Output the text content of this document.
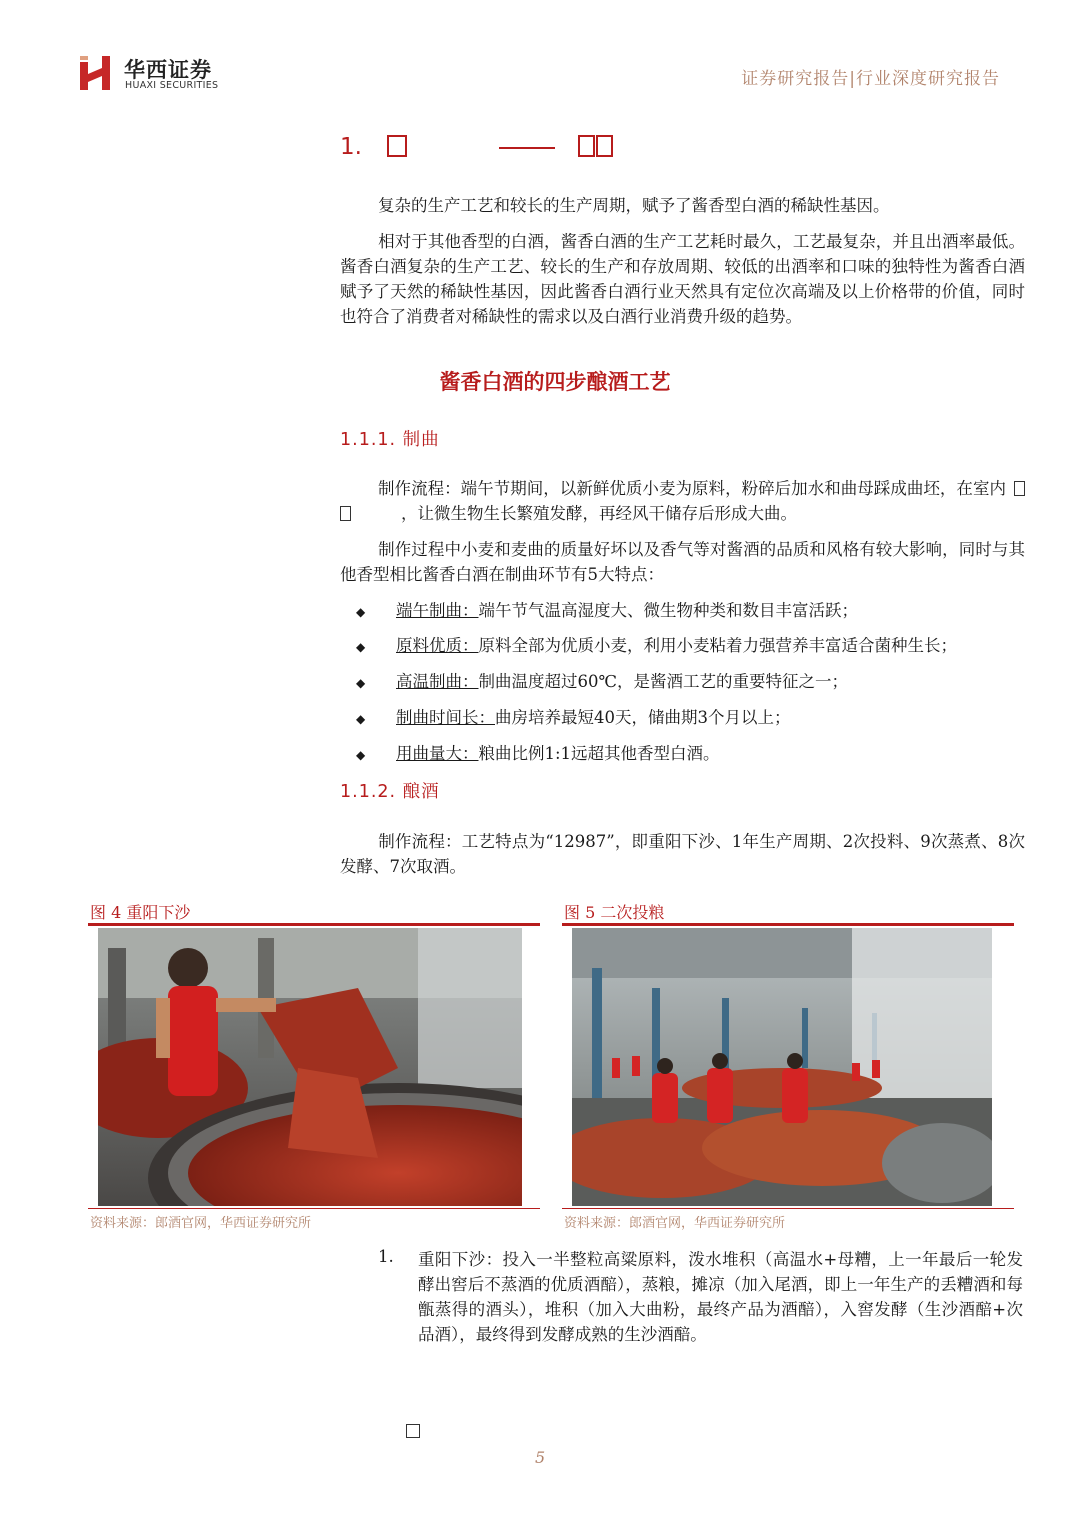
华西证券
HUAXI SECURITIES	证券研究报告|行业深度研究报告
1.

复杂的生产工艺和较长的生产周期，赋予了酱香型白酒的稀缺性基因。

相对于其他香型的白酒，酱香白酒的生产工艺耗时最久，工艺最复杂，并且出酒率最低。酱香白酒复杂的生产工艺、较长的生产和存放周期、较低的出酒率和口味的独特性为酱香白酒赋予了天然的稀缺性基因，因此酱香白酒行业天然具有定位次高端及以上价格带的价值，同时也符合了消费者对稀缺性的需求以及白酒行业消费升级的趋势。

酱香白酒的四步酿酒工艺
1.1.1. 制曲

制作流程：端午节期间，以新鲜优质小麦为原料，粉碎后加水和曲母踩成曲坯，在室内，让微生物生长繁殖发酵，再经风干储存后形成大曲。

制作过程中小麦和麦曲的质量好坏以及香气等对酱酒的品质和风格有较大影响，同时与其他香型相比酱香白酒在制曲环节有5大特点：

◆ 端午制曲：端午节气温高湿度大、微生物种类和数目丰富活跃；
◆ 原料优质：原料全部为优质小麦，利用小麦粘着力强营养丰富适合菌种生长；
◆ 高温制曲：制曲温度超过60℃，是酱酒工艺的重要特征之一；
◆ 制曲时间长：曲房培养最短40天，储曲期3个月以上；
◆ 用曲量大：粮曲比例1:1远超其他香型白酒。
1.1.2. 酿酒

制作流程：工艺特点为“12987”，即重阳下沙、1年生产周期、2次投料、9次蒸煮、8次发酵、7次取酒。

图 4 重阳下沙
资料来源：郎酒官网，华西证券研究所
图 5 二次投粮
资料来源：郎酒官网，华西证券研究所
1. 重阳下沙：投入一半整粒高粱原料，泼水堆积（高温水+母糟，上一年最后一轮发酵出窖后不蒸酒的优质酒醅），蒸粮，摊凉（加入尾酒，即上一年生产的丢糟酒和每甑蒸得的酒头），堆积（加入大曲粉，最终产品为酒醅），入窖发酵（生沙酒醅+次品酒），最终得到发酵成熟的生沙酒醅。

5
